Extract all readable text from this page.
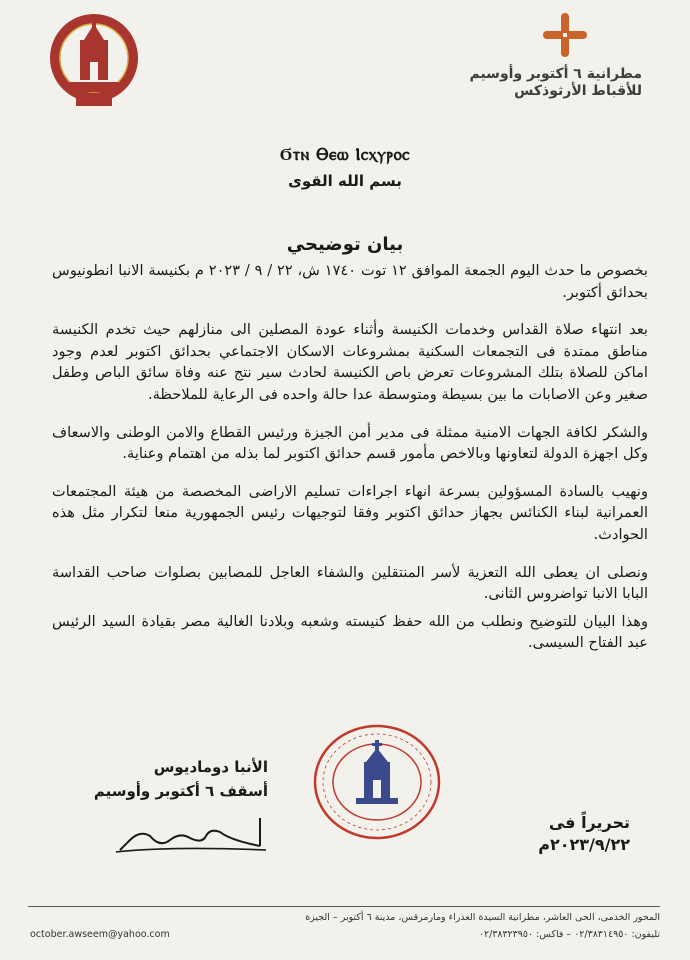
مطرانية ٦ أكتوبر وأوسيم
للأقباط الأرثوذكس
Ϭⲧⲛ Ⲑⲉⲱ Ⲓⲥⲭⲩⲣⲟⲥ
بسم الله القوى
بيان توضيحي

بخصوص ما حدث اليوم الجمعة الموافق ١٢ توت ١٧٤٠ ش، ٢٢ / ٩ / ٢٠٢٣ م بكنيسة الانبا انطونيوس بحدائق أكتوبر.

بعد انتهاء صلاة القداس وخدمات الكنيسة وأثناء عودة المصلين الى منازلهم حيث تخدم الكنيسة مناطق ممتدة فى التجمعات السكنية بمشروعات الاسكان الاجتماعي بحدائق اكتوبر لعدم وجود اماكن للصلاة بتلك المشروعات تعرض باص الكنيسة لحادث سير نتج عنه وفاة سائق الباص وطفل صغير وعن الاصابات ما بين بسيطة ومتوسطة عدا حالة واحده فى الرعاية للملاحظة.

والشكر لكافة الجهات الامنية ممثلة فى مدير أمن الجيزة ورئيس القطاع والامن الوطنى والاسعاف وكل اجهزة الدولة لتعاونها وبالاخص مأمور قسم حدائق اكتوبر لما بذله من اهتمام وعناية.

ونهيب بالسادة المسؤولين بسرعة انهاء اجراءات تسليم الاراضى المخصصة من هيئة المجتمعات العمرانية لبناء الكنائس بجهاز حدائق اكتوبر وفقا لتوجيهات رئيس الجمهورية منعا لتكرار مثل هذه الحوادث.

ونصلى ان يعطى الله التعزية لأسر المنتقلين والشفاء العاجل للمصابين بصلوات صاحب القداسة البابا الانبا تواضروس الثانى.

وهذا البيان للتوضيح ونطلب من الله حفظ كنيسته وشعبه وبلادنا الغالية مصر بقيادة السيد الرئيس عبد الفتاح السيسى.

الأنبا دوماديوس
أسقف ٦ أكتوبر وأوسيم
تحريراً فى
٢٠٢٣/٩/٢٢م
المحور الخدمى، الحى العاشر، مطرانية السيدة العذراء ومارمرقس، مدينة ٦ أكتوبر – الجيزة
october.awseem@yahoo.com	تليفون: ٠٢/٣٨٣١٤٩٥٠ – فاكس: ٠٢/٣٨٣٢٣٩٥٠
